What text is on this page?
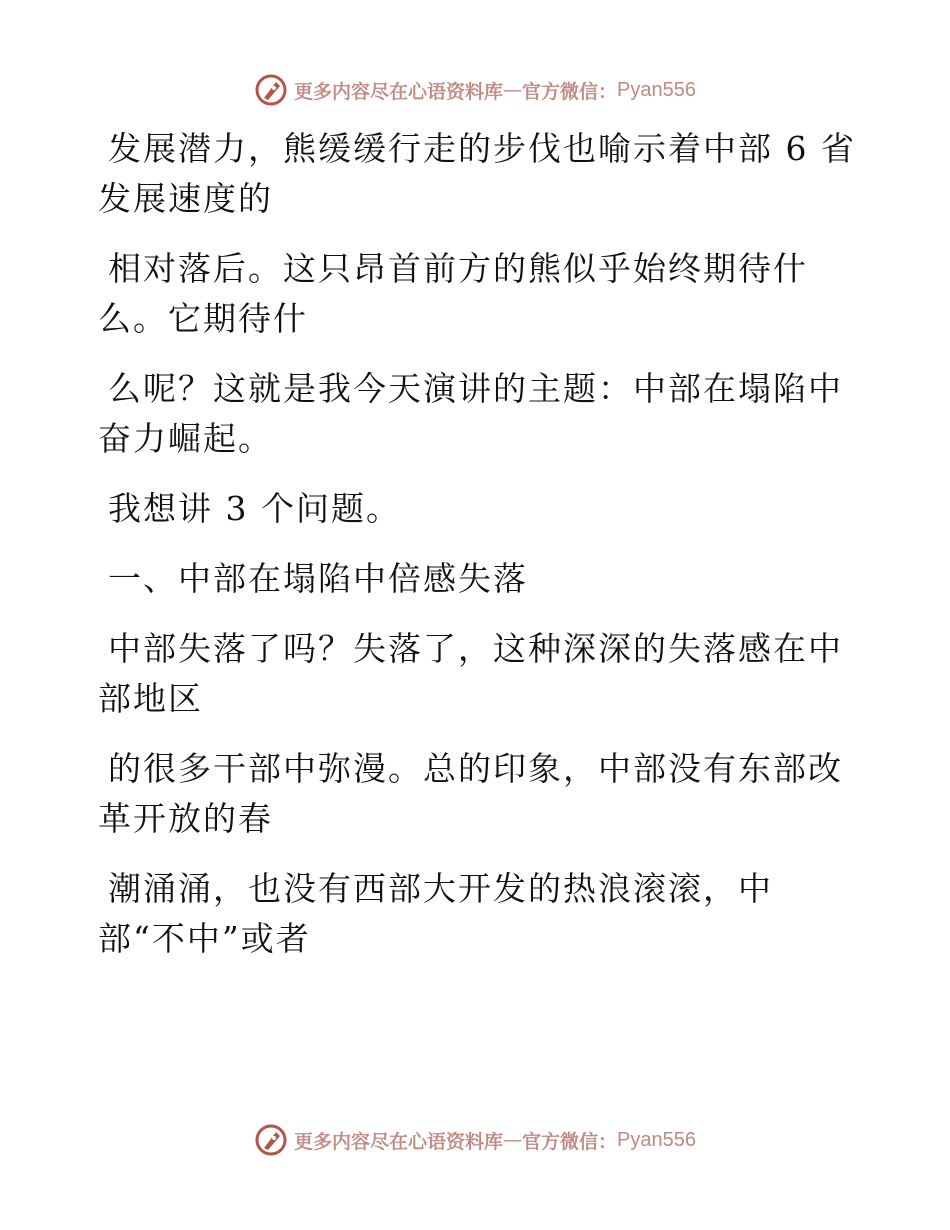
更多内容尽在心语资料库 — 官方微信： Pyan556
发展潜力，熊缓缓行走的步伐也喻示着中部 6 省
发展速度的
相对落后。这只昂首前方的熊似乎始终期待什
么。它期待什
么呢？这就是我今天演讲的主题：中部在塌陷中
奋力崛起。
我想讲 3 个问题。
一、中部在塌陷中倍感失落
中部失落了吗？失落了，这种深深的失落感在中
部地区
的很多干部中弥漫。总的印象，中部没有东部改
革开放的春
潮涌涌，也没有西部大开发的热浪滚滚，中
部“不中”或者
更多内容尽在心语资料库 — 官方微信： Pyan556
